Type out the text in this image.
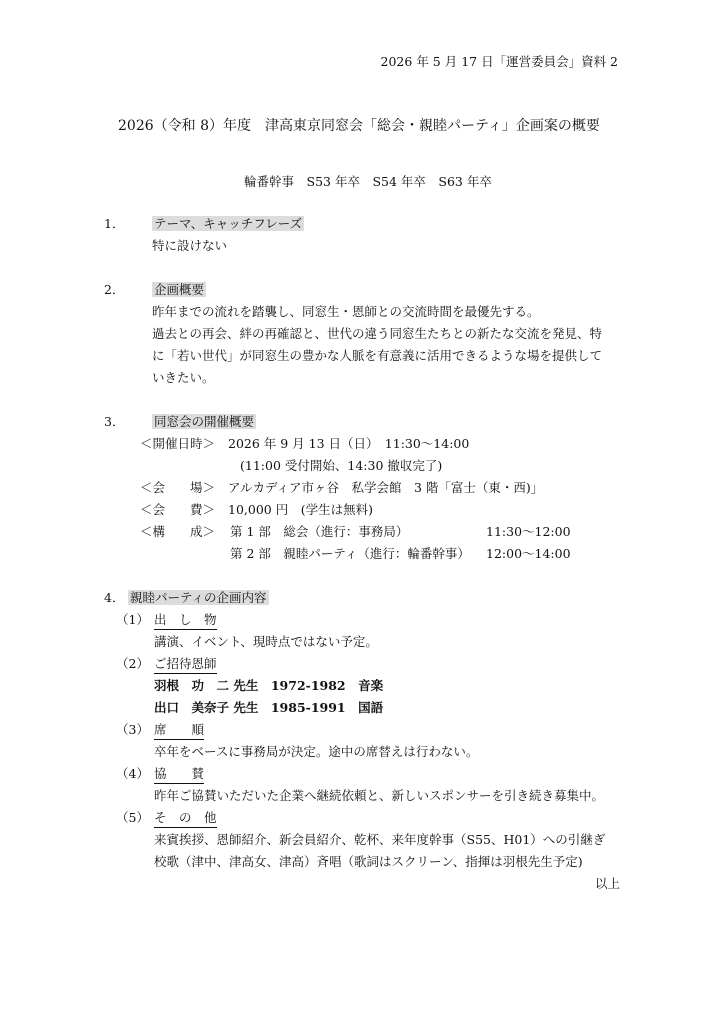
2026 年 5 月 17 日「運営委員会」資料 2
2026（令和 8）年度　津高東京同窓会「総会・親睦パーティ」企画案の概要
輪番幹事　S53 年卒　S54 年卒　S63 年卒
1． テーマ、キャッチフレーズ
特に設けない
2． 企画概要
昨年までの流れを踏襲し、同窓生・恩師との交流時間を最優先する。
過去との再会、絆の再確認と、世代の違う同窓生たちとの新たな交流を発見、特
に「若い世代」が同窓生の豊かな人脈を有意義に活用できるような場を提供して
いきたい。
3． 同窓会の開催概要
＜開催日時＞ 2026 年 9 月 13 日（日）　11:30〜14:00
(11:00 受付開始、14:30 撤収完了)
＜会　　場＞ アルカディア市ヶ谷　私学会館　3 階「富士（東・西)」
＜会　　費＞ 10,000 円　(学生は無料)
＜構　　成＞ 第 1 部　総会（進行：事務局）	11:30〜12:00
第 2 部　親睦パーティ（進行：輪番幹事） 12:00〜14:00
4． 親睦パーティの企画内容
（1） 出　し　物
講演、イベント、現時点ではない予定。
（2） ご招待恩師
羽根　功　二 先生　1972-1982　音楽
出口　美奈子 先生　1985-1991　国語
（3） 席　　順
卒年をベースに事務局が決定。途中の席替えは行わない。
（4） 協　　賛
昨年ご協賛いただいた企業へ継続依頼と、新しいスポンサーを引き続き募集中。
（5） そ　の　他
来賓挨拶、恩師紹介、新会員紹介、乾杯、来年度幹事（S55、H01）への引継ぎ
校歌（津中、津高女、津高）斉唱（歌詞はスクリーン、指揮は羽根先生予定)
以上
